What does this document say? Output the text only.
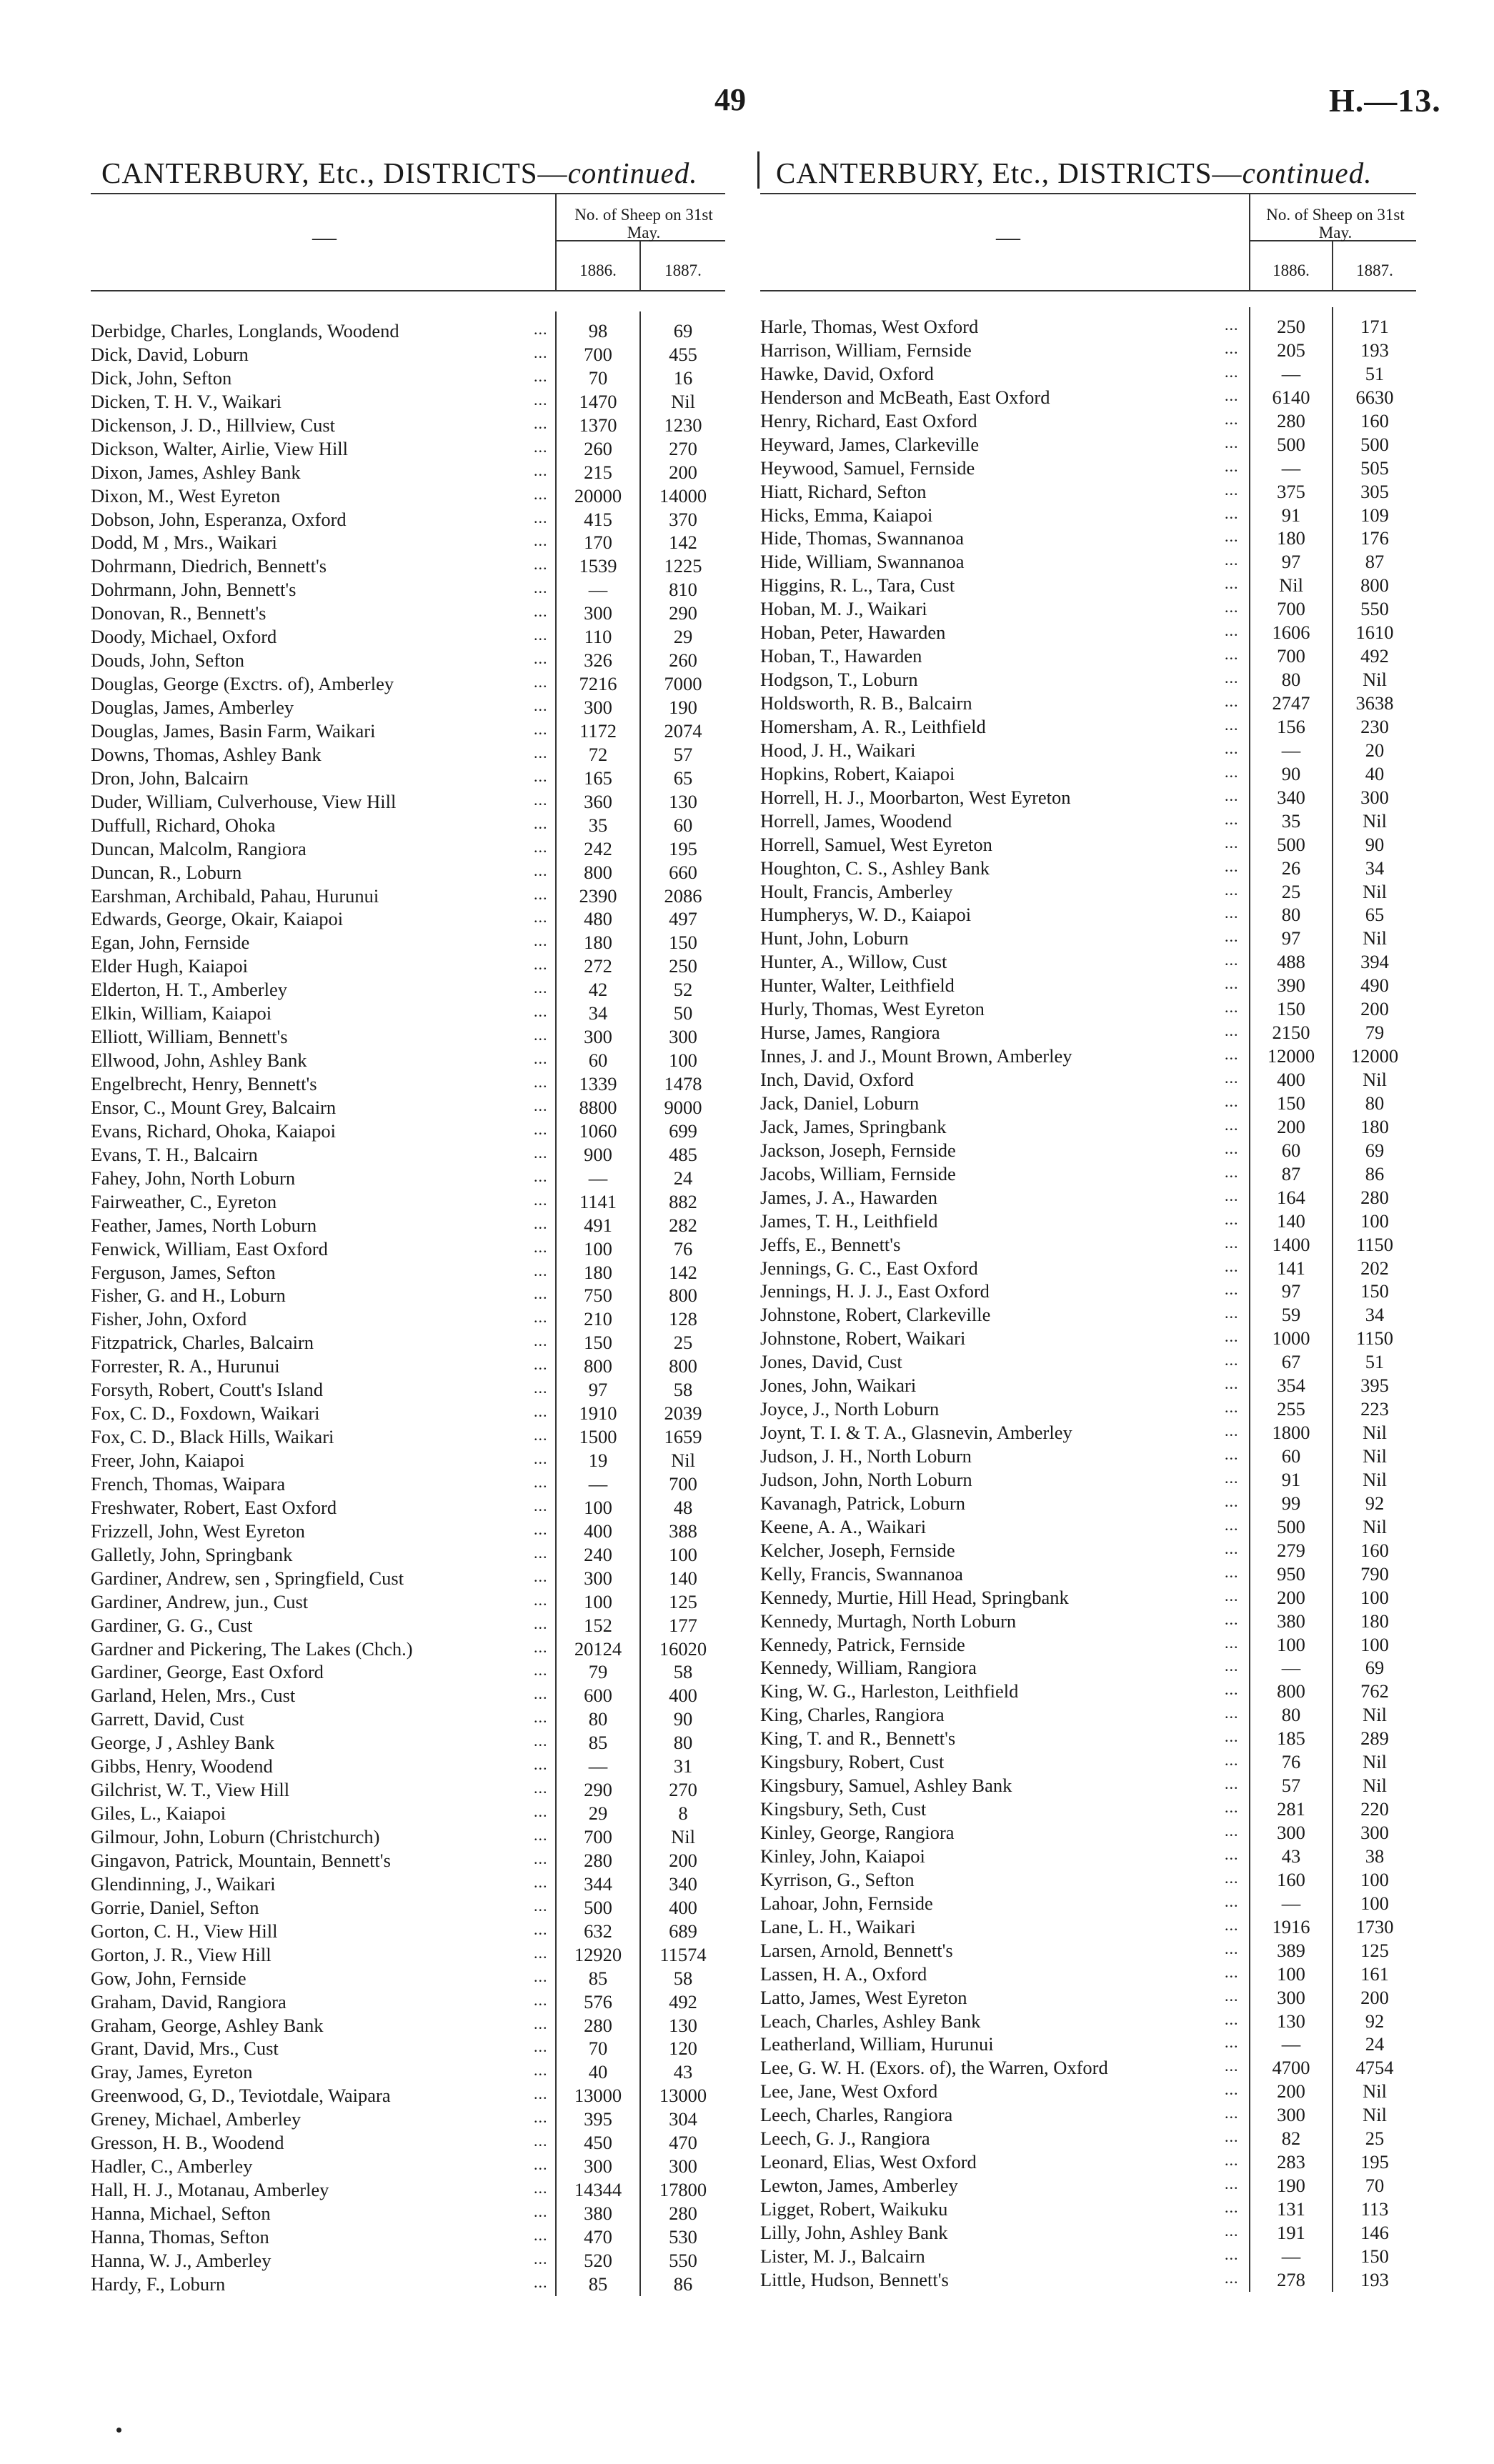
49	H.—13.
CANTERBURY, Etc., DISTRICTS—continued.	CANTERBURY, Etc., DISTRICTS—continued.
—
No. of Sheep on 31st May.
1886.	1887.
Derbidge, Charles, Longlands, Woodend	...	98	69
Dick, David, Loburn	...	700	455
Dick, John, Sefton	...	70	16
Dicken, T. H. V., Waikari	...	1470	Nil
Dickenson, J. D., Hillview, Cust	...	1370	1230
Dickson, Walter, Airlie, View Hill	...	260	270
Dixon, James, Ashley Bank	...	215	200
Dixon, M., West Eyreton	...	20000	14000
Dobson, John, Esperanza, Oxford	...	415	370
Dodd, M , Mrs., Waikari	...	170	142
Dohrmann, Diedrich, Bennett's	...	1539	1225
Dohrmann, John, Bennett's	...	—	810
Donovan, R., Bennett's	...	300	290
Doody, Michael, Oxford	...	110	29
Douds, John, Sefton	...	326	260
Douglas, George (Exctrs. of), Amberley	...	7216	7000
Douglas, James, Amberley	...	300	190
Douglas, James, Basin Farm, Waikari	...	1172	2074
Downs, Thomas, Ashley Bank	...	72	57
Dron, John, Balcairn	...	165	65
Duder, William, Culverhouse, View Hill	...	360	130
Duffull, Richard, Ohoka	...	35	60
Duncan, Malcolm, Rangiora	...	242	195
Duncan, R., Loburn	...	800	660
Earshman, Archibald, Pahau, Hurunui	...	2390	2086
Edwards, George, Okair, Kaiapoi	...	480	497
Egan, John, Fernside	...	180	150
Elder Hugh, Kaiapoi	...	272	250
Elderton, H. T., Amberley	...	42	52
Elkin, William, Kaiapoi	...	34	50
Elliott, William, Bennett's	...	300	300
Ellwood, John, Ashley Bank	...	60	100
Engelbrecht, Henry, Bennett's	...	1339	1478
Ensor, C., Mount Grey, Balcairn	...	8800	9000
Evans, Richard, Ohoka, Kaiapoi	...	1060	699
Evans, T. H., Balcairn	...	900	485
Fahey, John, North Loburn	...	—	24
Fairweather, C., Eyreton	...	1141	882
Feather, James, North Loburn	...	491	282
Fenwick, William, East Oxford	...	100	76
Ferguson, James, Sefton	...	180	142
Fisher, G. and H., Loburn	...	750	800
Fisher, John, Oxford	...	210	128
Fitzpatrick, Charles, Balcairn	...	150	25
Forrester, R. A., Hurunui	...	800	800
Forsyth, Robert, Coutt's Island	...	97	58
Fox, C. D., Foxdown, Waikari	...	1910	2039
Fox, C. D., Black Hills, Waikari	...	1500	1659
Freer, John, Kaiapoi	...	19	Nil
French, Thomas, Waipara	...	—	700
Freshwater, Robert, East Oxford	...	100	48
Frizzell, John, West Eyreton	...	400	388
Galletly, John, Springbank	...	240	100
Gardiner, Andrew, sen , Springfield, Cust	...	300	140
Gardiner, Andrew, jun., Cust	...	100	125
Gardiner, G. G., Cust	...	152	177
Gardner and Pickering, The Lakes (Chch.)	...	20124	16020
Gardiner, George, East Oxford	...	79	58
Garland, Helen, Mrs., Cust	...	600	400
Garrett, David, Cust	...	80	90
George, J , Ashley Bank	...	85	80
Gibbs, Henry, Woodend	...	—	31
Gilchrist, W. T., View Hill	...	290	270
Giles, L., Kaiapoi	...	29	8
Gilmour, John, Loburn (Christchurch)	...	700	Nil
Gingavon, Patrick, Mountain, Bennett's	...	280	200
Glendinning, J., Waikari	...	344	340
Gorrie, Daniel, Sefton	...	500	400
Gorton, C. H., View Hill	...	632	689
Gorton, J. R., View Hill	...	12920	11574
Gow, John, Fernside	...	85	58
Graham, David, Rangiora	...	576	492
Graham, George, Ashley Bank	...	280	130
Grant, David, Mrs., Cust	...	70	120
Gray, James, Eyreton	...	40	43
Greenwood, G, D., Teviotdale, Waipara	...	13000	13000
Greney, Michael, Amberley	...	395	304
Gresson, H. B., Woodend	...	450	470
Hadler, C., Amberley	...	300	300
Hall, H. J., Motanau, Amberley	...	14344	17800
Hanna, Michael, Sefton	...	380	280
Hanna, Thomas, Sefton	...	470	530
Hanna, W. J., Amberley	...	520	550
Hardy, F., Loburn	...	85	86
—
No. of Sheep on 31st May.
1886.	1887.
Harle, Thomas, West Oxford	...	250	171
Harrison, William, Fernside	...	205	193
Hawke, David, Oxford	...	—	51
Henderson and McBeath, East Oxford	...	6140	6630
Henry, Richard, East Oxford	...	280	160
Heyward, James, Clarkeville	...	500	500
Heywood, Samuel, Fernside	...	—	505
Hiatt, Richard, Sefton	...	375	305
Hicks, Emma, Kaiapoi	...	91	109
Hide, Thomas, Swannanoa	...	180	176
Hide, William, Swannanoa	...	97	87
Higgins, R. L., Tara, Cust	...	Nil	800
Hoban, M. J., Waikari	...	700	550
Hoban, Peter, Hawarden	...	1606	1610
Hoban, T., Hawarden	...	700	492
Hodgson, T., Loburn	...	80	Nil
Holdsworth, R. B., Balcairn	...	2747	3638
Homersham, A. R., Leithfield	...	156	230
Hood, J. H., Waikari	...	—	20
Hopkins, Robert, Kaiapoi	...	90	40
Horrell, H. J., Moorbarton, West Eyreton	...	340	300
Horrell, James, Woodend	...	35	Nil
Horrell, Samuel, West Eyreton	...	500	90
Houghton, C. S., Ashley Bank	...	26	34
Hoult, Francis, Amberley	...	25	Nil
Humpherys, W. D., Kaiapoi	...	80	65
Hunt, John, Loburn	...	97	Nil
Hunter, A., Willow, Cust	...	488	394
Hunter, Walter, Leithfield	...	390	490
Hurly, Thomas, West Eyreton	...	150	200
Hurse, James, Rangiora	...	2150	79
Innes, J. and J., Mount Brown, Amberley	...	12000	12000
Inch, David, Oxford	...	400	Nil
Jack, Daniel, Loburn	...	150	80
Jack, James, Springbank	...	200	180
Jackson, Joseph, Fernside	...	60	69
Jacobs, William, Fernside	...	87	86
James, J. A., Hawarden	...	164	280
James, T. H., Leithfield	...	140	100
Jeffs, E., Bennett's	...	1400	1150
Jennings, G. C., East Oxford	...	141	202
Jennings, H. J. J., East Oxford	...	97	150
Johnstone, Robert, Clarkeville	...	59	34
Johnstone, Robert, Waikari	...	1000	1150
Jones, David, Cust	...	67	51
Jones, John, Waikari	...	354	395
Joyce, J., North Loburn	...	255	223
Joynt, T. I. & T. A., Glasnevin, Amberley	...	1800	Nil
Judson, J. H., North Loburn	...	60	Nil
Judson, John, North Loburn	...	91	Nil
Kavanagh, Patrick, Loburn	...	99	92
Keene, A. A., Waikari	...	500	Nil
Kelcher, Joseph, Fernside	...	279	160
Kelly, Francis, Swannanoa	...	950	790
Kennedy, Murtie, Hill Head, Springbank	...	200	100
Kennedy, Murtagh, North Loburn	...	380	180
Kennedy, Patrick, Fernside	...	100	100
Kennedy, William, Rangiora	...	—	69
King, W. G., Harleston, Leithfield	...	800	762
King, Charles, Rangiora	...	80	Nil
King, T. and R., Bennett's	...	185	289
Kingsbury, Robert, Cust	...	76	Nil
Kingsbury, Samuel, Ashley Bank	...	57	Nil
Kingsbury, Seth, Cust	...	281	220
Kinley, George, Rangiora	...	300	300
Kinley, John, Kaiapoi	...	43	38
Kyrrison, G., Sefton	...	160	100
Lahoar, John, Fernside	...	—	100
Lane, L. H., Waikari	...	1916	1730
Larsen, Arnold, Bennett's	...	389	125
Lassen, H. A., Oxford	...	100	161
Latto, James, West Eyreton	...	300	200
Leach, Charles, Ashley Bank	...	130	92
Leatherland, William, Hurunui	...	—	24
Lee, G. W. H. (Exors. of), the Warren, Oxford	...	4700	4754
Lee, Jane, West Oxford	...	200	Nil
Leech, Charles, Rangiora	...	300	Nil
Leech, G. J., Rangiora	...	82	25
Leonard, Elias, West Oxford	...	283	195
Lewton, James, Amberley	...	190	70
Ligget, Robert, Waikuku	...	131	113
Lilly, John, Ashley Bank	...	191	146
Lister, M. J., Balcairn	...	—	150
Little, Hudson, Bennett's	...	278	193
